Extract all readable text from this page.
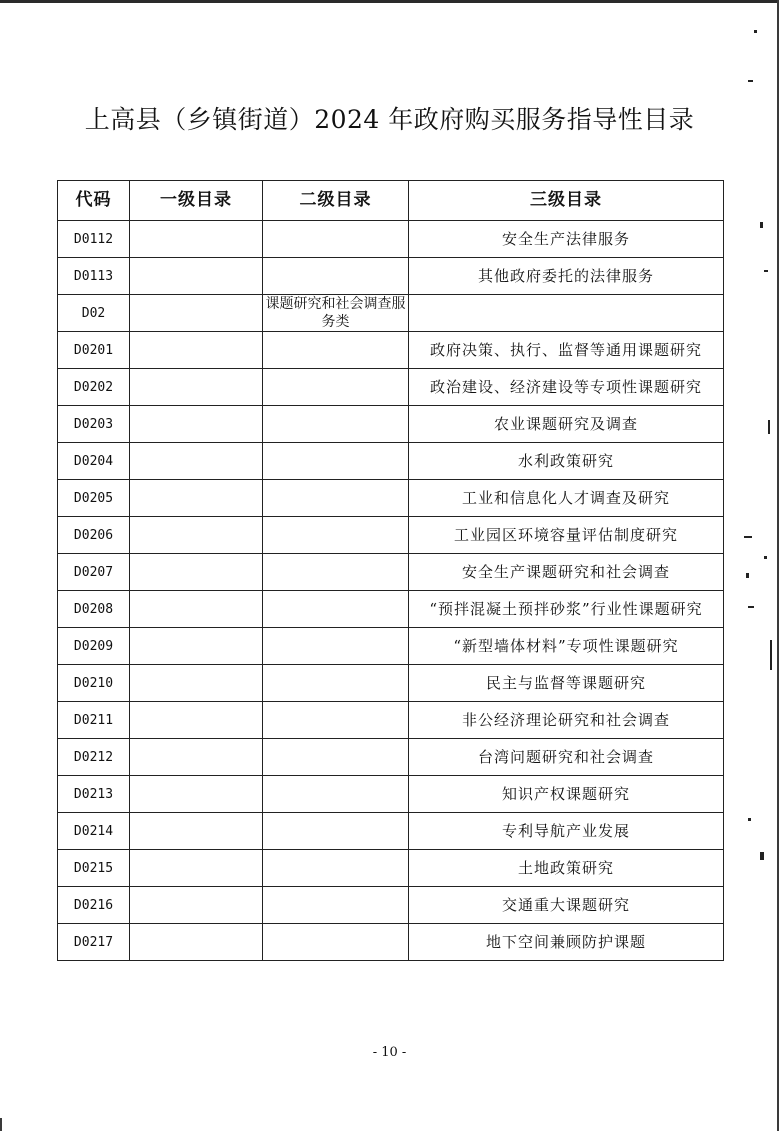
上高县（乡镇街道）2024 年政府购买服务指导性目录
代码	一级目录	二级目录	三级目录
D0112			安全生产法律服务
D0113			其他政府委托的法律服务
D02		课题研究和社会调查服务类	
D0201			政府决策、执行、监督等通用课题研究
D0202			政治建设、经济建设等专项性课题研究
D0203			农业课题研究及调查
D0204			水利政策研究
D0205			工业和信息化人才调查及研究
D0206			工业园区环境容量评估制度研究
D0207			安全生产课题研究和社会调查
D0208			“预拌混凝土预拌砂浆”行业性课题研究
D0209			“新型墙体材料”专项性课题研究
D0210			民主与监督等课题研究
D0211			非公经济理论研究和社会调查
D0212			台湾问题研究和社会调查
D0213			知识产权课题研究
D0214			专利导航产业发展
D0215			土地政策研究
D0216			交通重大课题研究
D0217			地下空间兼顾防护课题
- 10 -
